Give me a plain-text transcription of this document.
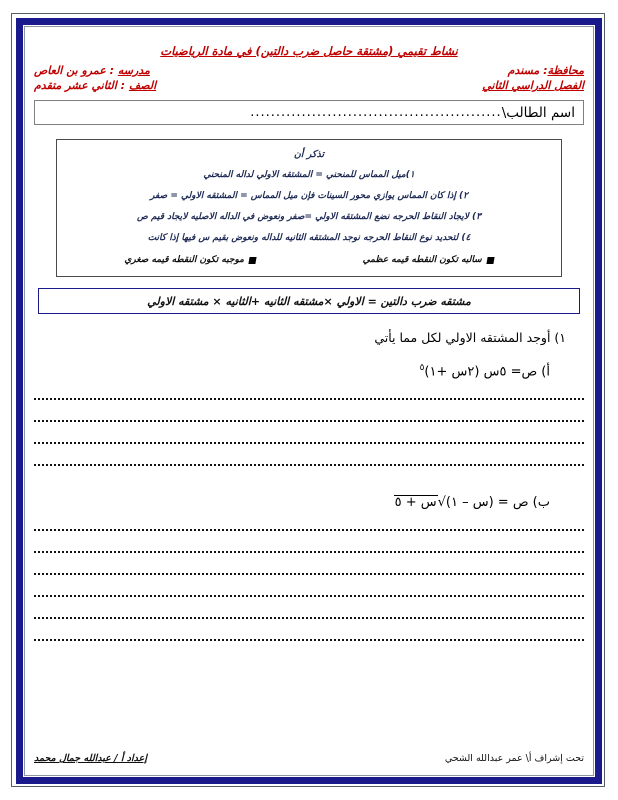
نشاط تقيمي (مشتقة حاصل ضرب دالتين) في مادة الرياضيات
محافظة: مسندم
مدرسه : عمرو بن العاص
الفصل الدراسي الثاني
الصف : الثاني عشر متقدم
اسم الطالب\
.................................................
تذكر أن
١)ميل المماس للمنحني = المشتقه الاولي لداله المنحني
٢) إذا كان المماس يوازي محور السينات فإن ميل المماس = المشتقه الاولي = صفر
٣) لايجاد النقاط الحرجه نضع المشتقه الاولي =صفر ونعوض في الداله الاصليه لايجاد قيم ص
٤) لتحديد نوع النقاط الحرجه نوجد المشتقه الثانيه للداله ونعوض بقيم س فيها إذا كانت
سالبه تكون النقطه قيمه عظمي
موجبه تكون النقطه قيمه صغري
مشتقه ضرب دالتين = الاولي ×مشتقه الثانيه +الثانيه × مشتقه الاولي
١) أوجد المشتقه الاولي لكل مما يأتي
أ) ص= ٥س (٢س +١)$^٥$
ب) ص = (س – ١)√س + ٥
تحت إشراف أ\ عمر عبدالله الشحي
إعداد أ / عبدالله جمال محمد
